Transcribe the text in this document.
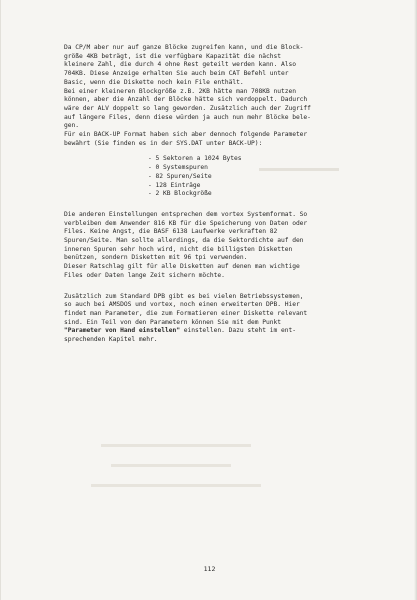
Da CP/M aber nur auf ganze Blöcke zugreifen kann, und die Block-
größe 4KB beträgt, ist die verfügbare Kapazität die nächst
kleinere Zahl, die durch 4 ohne Rest geteilt werden kann. Also
704KB. Diese Anzeige erhalten Sie auch beim CAT Befehl unter
Basic, wenn die Diskette noch kein File enthält.
Bei einer kleineren Blockgröße z.B. 2KB hätte man 708KB nutzen
können, aber die Anzahl der Blöcke hätte sich verdoppelt. Dadurch
wäre der ALV doppelt so lang geworden. Zusätzlich auch der Zugriff
auf längere Files, denn diese würden ja auch nun mehr Blöcke bele-
gen.
Für ein BACK-UP Format haben sich aber dennoch folgende Parameter
bewährt (Sie finden es in der SYS.DAT unter BACK-UP):
- 5 Sektoren a 1024 Bytes
- 0 Systemspuren
- 82 Spuren/Seite
- 128 Einträge
- 2 KB Blockgröße
Die anderen Einstellungen entsprechen dem vortex Systemformat. So
verbleiben dem Anwender 816 KB für die Speicherung von Daten oder
Files. Keine Angst, die BASF 6138 Laufwerke verkraften 82
Spuren/Seite. Man sollte allerdings, da die Sektordichte auf den
inneren Spuren sehr hoch wird, nicht die billigsten Disketten
benützen, sondern Disketten mit 96 tpi verwenden.
Dieser Ratschlag gilt für alle Disketten auf denen man wichtige
Files oder Daten lange Zeit sichern möchte.
Zusätzlich zum Standard DPB gibt es bei vielen Betriebssystemen,
so auch bei AMSDOS und vortex, noch einen erweiterten DPB. Hier
findet man Parameter, die zum Formatieren einer Diskette relevant
sind. Ein Teil von den Parametern können Sie mit dem Punkt
"Parameter von Hand einstellen" einstellen. Dazu steht im ent-
sprechenden Kapitel mehr.
112
